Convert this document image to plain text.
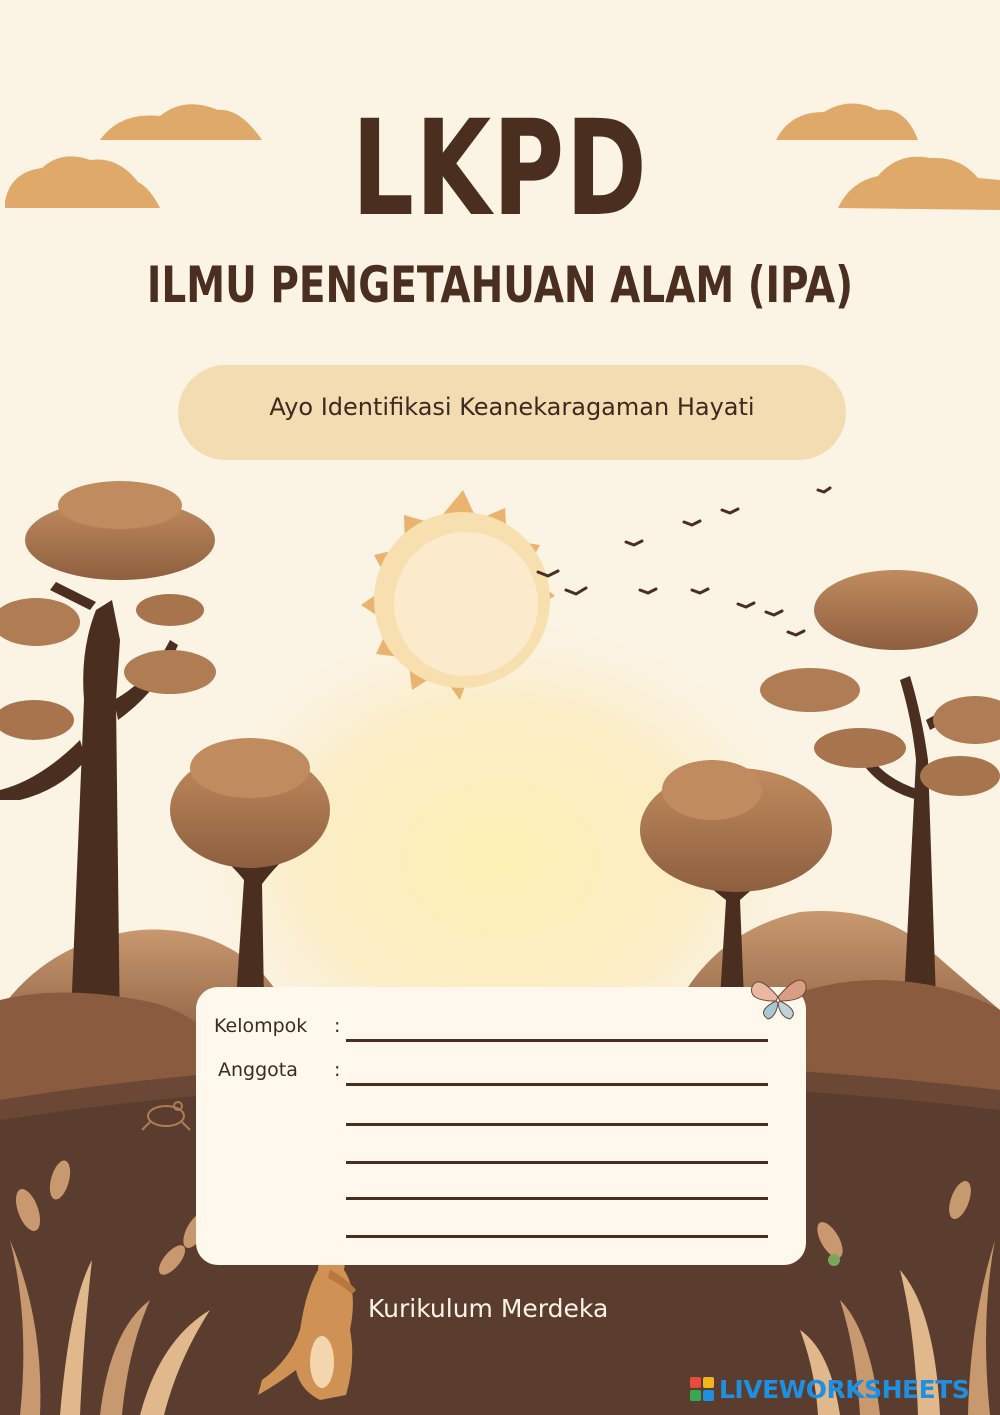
LKPD
ILMU PENGETAHUAN ALAM (IPA)
Ayo Identifikasi Keanekaragaman Hayati
Kelompok :
Anggota :
Kurikulum Merdeka
LIVEWORKSHEETS
